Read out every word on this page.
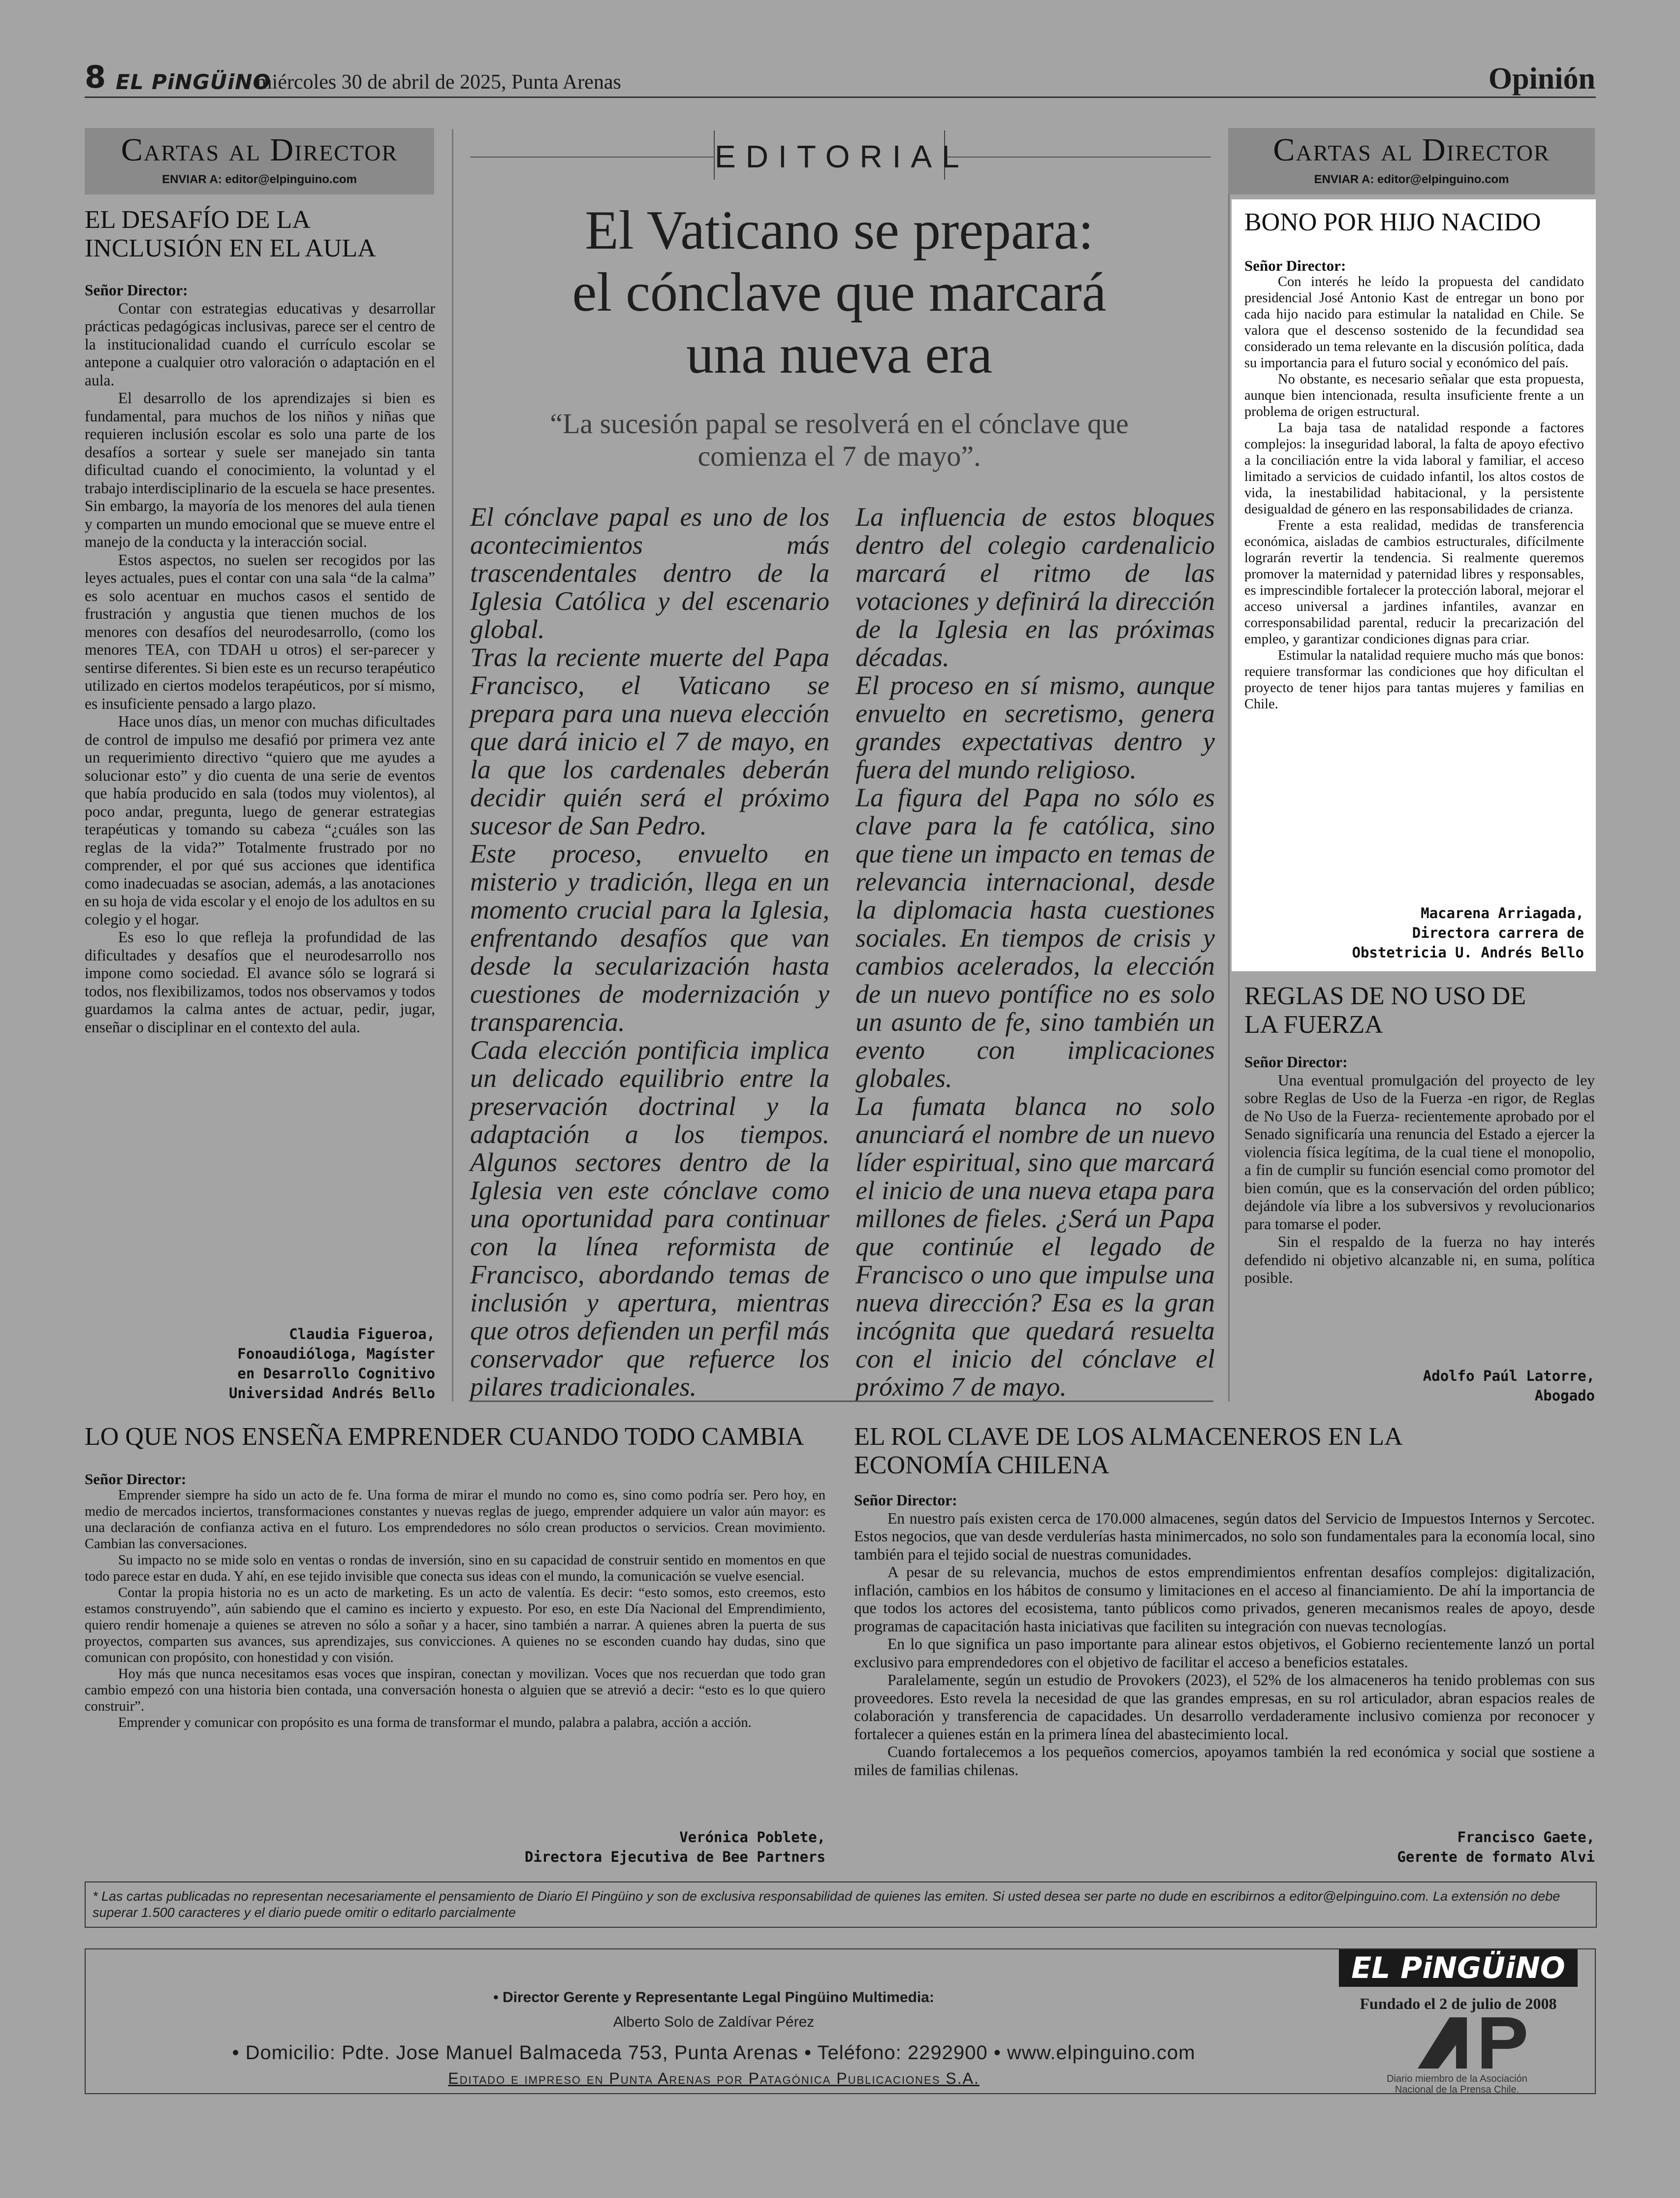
8 EL PiNGÜiNO
miércoles 30 de abril de 2025, Punta Arenas	Opinión
Cartas al Director
ENVIAR A: editor@elpinguino.com
EL DESAFÍO DE LA
INCLUSIÓN EN EL AULA

Señor Director:

Contar con estrategias educativas y desarrollar prácticas pedagógicas inclusivas, parece ser el centro de la institucionalidad cuando el currículo escolar se antepone a cualquier otro valoración o adaptación en el aula.

El desarrollo de los aprendizajes si bien es fundamental, para muchos de los niños y niñas que requieren inclusión escolar es solo una parte de los desafíos a sortear y suele ser manejado sin tanta dificultad cuando el conocimiento, la voluntad y el trabajo interdisciplinario de la escuela se hace presentes. Sin embargo, la mayoría de los menores del aula tienen y comparten un mundo emocional que se mueve entre el manejo de la conducta y la interacción social.

Estos aspectos, no suelen ser recogidos por las leyes actuales, pues el contar con una sala “de la calma” es solo acentuar en muchos casos el sentido de frustración y angustia que tienen muchos de los menores con desafíos del neurodesarrollo, (como los menores TEA, con TDAH u otros) el ser-parecer y sentirse diferentes. Si bien este es un recurso terapéutico utilizado en ciertos modelos terapéuticos, por sí mismo, es insuficiente pensado a largo plazo.

Hace unos días, un menor con muchas dificultades de control de impulso me desafió por primera vez ante un requerimiento directivo “quiero que me ayudes a solucionar esto” y dio cuenta de una serie de eventos que había producido en sala (todos muy violentos), al poco andar, pregunta, luego de generar estrategias terapéuticas y tomando su cabeza “¿cuáles son las reglas de la vida?” Totalmente frustrado por no comprender, el por qué sus acciones que identifica como inadecuadas se asocian, además, a las anotaciones en su hoja de vida escolar y el enojo de los adultos en su colegio y el hogar.

Es eso lo que refleja la profundidad de las dificultades y desafíos que el neurodesarrollo nos impone como sociedad. El avance sólo se logrará si todos, nos flexibilizamos, todos nos observamos y todos guardamos la calma antes de actuar, pedir, jugar, enseñar o disciplinar en el contexto del aula.

Claudia Figueroa,
Fonoaudióloga, Magíster
en Desarrollo Cognitivo
Universidad Andrés Bello
EDITORIAL
El Vaticano se prepara:
el cónclave que marcará
una nueva era
“La sucesión papal se resolverá en el cónclave que
comienza el 7 de mayo”.

El cónclave papal es uno de los acontecimientos más trascendentales dentro de la Iglesia Católica y del escenario global.

Tras la reciente muerte del Papa Francisco, el Vaticano se prepara para una nueva elección que dará inicio el 7 de mayo, en la que los cardenales deberán decidir quién será el próximo sucesor de San Pedro.

Este proceso, envuelto en misterio y tradición, llega en un momento crucial para la Iglesia, enfrentando desafíos que van desde la secularización hasta cuestiones de modernización y transparencia.

Cada elección pontificia implica un delicado equilibrio entre la preservación doctrinal y la adaptación a los tiempos. Algunos sectores dentro de la Iglesia ven este cónclave como una oportunidad para continuar con la línea reformista de Francisco, abordando temas de inclusión y apertura, mientras que otros defienden un perfil más conservador que refuerce los pilares tradicionales.

La influencia de estos bloques dentro del colegio cardenalicio marcará el ritmo de las votaciones y definirá la dirección de la Iglesia en las próximas décadas.

El proceso en sí mismo, aunque envuelto en secretismo, genera grandes expectativas dentro y fuera del mundo religioso.

La figura del Papa no sólo es clave para la fe católica, sino que tiene un impacto en temas de relevancia internacional, desde la diplomacia hasta cuestiones sociales. En tiempos de crisis y cambios acelerados, la elección de un nuevo pontífice no es solo un asunto de fe, sino también un evento con implicaciones globales.

La fumata blanca no solo anunciará el nombre de un nuevo líder espiritual, sino que marcará el inicio de una nueva etapa para millones de fieles. ¿Será un Papa que continúe el legado de Francisco o uno que impulse una nueva dirección? Esa es la gran incógnita que quedará resuelta con el inicio del cónclave el próximo 7 de mayo.

Cartas al Director
ENVIAR A: editor@elpinguino.com
BONO POR HIJO NACIDO

Señor Director:

Con interés he leído la propuesta del candidato presidencial José Antonio Kast de entregar un bono por cada hijo nacido para estimular la natalidad en Chile. Se valora que el descenso sostenido de la fecundidad sea considerado un tema relevante en la discusión política, dada su importancia para el futuro social y económico del país.

No obstante, es necesario señalar que esta propuesta, aunque bien intencionada, resulta insuficiente frente a un problema de origen estructural.

La baja tasa de natalidad responde a factores complejos: la inseguridad laboral, la falta de apoyo efectivo a la conciliación entre la vida laboral y familiar, el acceso limitado a servicios de cuidado infantil, los altos costos de vida, la inestabilidad habitacional, y la persistente desigualdad de género en las responsabilidades de crianza.

Frente a esta realidad, medidas de transferencia económica, aisladas de cambios estructurales, difícilmente lograrán revertir la tendencia. Si realmente queremos promover la maternidad y paternidad libres y responsables, es imprescindible fortalecer la protección laboral, mejorar el acceso universal a jardines infantiles, avanzar en corresponsabilidad parental, reducir la precarización del empleo, y garantizar condiciones dignas para criar.

Estimular la natalidad requiere mucho más que bonos: requiere transformar las condiciones que hoy dificultan el proyecto de tener hijos para tantas mujeres y familias en Chile.

Macarena Arriagada,
Directora carrera de
Obstetricia U. Andrés Bello
REGLAS DE NO USO DE
LA FUERZA

Señor Director:

Una eventual promulgación del proyecto de ley sobre Reglas de Uso de la Fuerza -en rigor, de Reglas de No Uso de la Fuerza- recientemente aprobado por el Senado significaría una renuncia del Estado a ejercer la violencia física legítima, de la cual tiene el monopolio, a fin de cumplir su función esencial como promotor del bien común, que es la conservación del orden público; dejándole vía libre a los subversivos y revolucionarios para tomarse el poder.

Sin el respaldo de la fuerza no hay interés defendido ni objetivo alcanzable ni, en suma, política posible.

Adolfo Paúl Latorre,
Abogado
LO QUE NOS ENSEÑA EMPRENDER CUANDO TODO CAMBIA

Señor Director:

Emprender siempre ha sido un acto de fe. Una forma de mirar el mundo no como es, sino como podría ser. Pero hoy, en medio de mercados inciertos, transformaciones constantes y nuevas reglas de juego, emprender adquiere un valor aún mayor: es una declaración de confianza activa en el futuro. Los emprendedores no sólo crean productos o servicios. Crean movimiento. Cambian las conversaciones.

Su impacto no se mide solo en ventas o rondas de inversión, sino en su capacidad de construir sentido en momentos en que todo parece estar en duda. Y ahí, en ese tejido invisible que conecta sus ideas con el mundo, la comunicación se vuelve esencial.

Contar la propia historia no es un acto de marketing. Es un acto de valentía. Es decir: “esto somos, esto creemos, esto estamos construyendo”, aún sabiendo que el camino es incierto y expuesto. Por eso, en este Día Nacional del Emprendimiento, quiero rendir homenaje a quienes se atreven no sólo a soñar y a hacer, sino también a narrar. A quienes abren la puerta de sus proyectos, comparten sus avances, sus aprendizajes, sus convicciones. A quienes no se esconden cuando hay dudas, sino que comunican con propósito, con honestidad y con visión.

Hoy más que nunca necesitamos esas voces que inspiran, conectan y movilizan. Voces que nos recuerdan que todo gran cambio empezó con una historia bien contada, una conversación honesta o alguien que se atrevió a decir: “esto es lo que quiero construir”.

Emprender y comunicar con propósito es una forma de transformar el mundo, palabra a palabra, acción a acción.

Verónica Poblete,
Directora Ejecutiva de Bee Partners
EL ROL CLAVE DE LOS ALMACENEROS EN LA
ECONOMÍA CHILENA

Señor Director:

En nuestro país existen cerca de 170.000 almacenes, según datos del Servicio de Impuestos Internos y Sercotec. Estos negocios, que van desde verdulerías hasta minimercados, no solo son fundamentales para la economía local, sino también para el tejido social de nuestras comunidades.

A pesar de su relevancia, muchos de estos emprendimientos enfrentan desafíos complejos: digitalización, inflación, cambios en los hábitos de consumo y limitaciones en el acceso al financiamiento. De ahí la importancia de que todos los actores del ecosistema, tanto públicos como privados, generen mecanismos reales de apoyo, desde programas de capacitación hasta iniciativas que faciliten su integración con nuevas tecnologías.

En lo que significa un paso importante para alinear estos objetivos, el Gobierno recientemente lanzó un portal exclusivo para emprendedores con el objetivo de facilitar el acceso a beneficios estatales.

Paralelamente, según un estudio de Provokers (2023), el 52% de los almaceneros ha tenido problemas con sus proveedores. Esto revela la necesidad de que las grandes empresas, en su rol articulador, abran espacios reales de colaboración y transferencia de capacidades. Un desarrollo verdaderamente inclusivo comienza por reconocer y fortalecer a quienes están en la primera línea del abastecimiento local.

Cuando fortalecemos a los pequeños comercios, apoyamos también la red económica y social que sostiene a miles de familias chilenas.

Francisco Gaete,
Gerente de formato Alvi
* Las cartas publicadas no representan necesariamente el pensamiento de Diario El Pingüino y son de exclusiva responsabilidad de quienes las emiten. Si usted desea ser parte no dude en escribirnos a editor@elpinguino.com. La extensión no debe superar 1.500 caracteres y el diario puede omitir o editarlo parcialmente
• Director Gerente y Representante Legal Pingüino Multimedia:
Alberto Solo de Zaldívar Pérez
• Domicilio: Pdte. Jose Manuel Balmaceda 753, Punta Arenas • Teléfono: 2292900 • www.elpinguino.com
Editado e impreso en Punta Arenas por Patagónica Publicaciones S.A.
EL PiNGÜiNO
Fundado el 2 de julio de 2008
Diario miembro de la Asociación
Nacional de la Prensa Chile.
